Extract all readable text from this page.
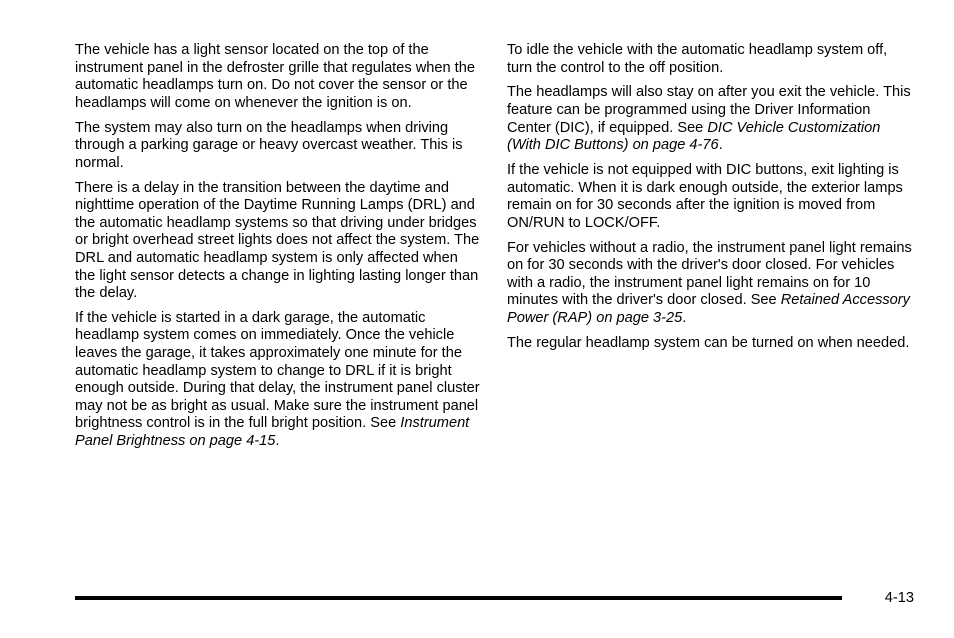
The vehicle has a light sensor located on the top of the instrument panel in the defroster grille that regulates when the automatic headlamps turn on. Do not cover the sensor or the headlamps will come on whenever the ignition is on.

The system may also turn on the headlamps when driving through a parking garage or heavy overcast weather. This is normal.

There is a delay in the transition between the daytime and nighttime operation of the Daytime Running Lamps (DRL) and the automatic headlamp systems so that driving under bridges or bright overhead street lights does not affect the system. The DRL and automatic headlamp system is only affected when the light sensor detects a change in lighting lasting longer than the delay.

If the vehicle is started in a dark garage, the automatic headlamp system comes on immediately. Once the vehicle leaves the garage, it takes approximately one minute for the automatic headlamp system to change to DRL if it is bright enough outside. During that delay, the instrument panel cluster may not be as bright as usual. Make sure the instrument panel brightness control is in the full bright position. See Instrument Panel Brightness on page 4-15.

To idle the vehicle with the automatic headlamp system off, turn the control to the off position.

The headlamps will also stay on after you exit the vehicle. This feature can be programmed using the Driver Information Center (DIC), if equipped. See DIC Vehicle Customization (With DIC Buttons) on page 4-76.

If the vehicle is not equipped with DIC buttons, exit lighting is automatic. When it is dark enough outside, the exterior lamps remain on for 30 seconds after the ignition is moved from ON/RUN to LOCK/OFF.

For vehicles without a radio, the instrument panel light remains on for 30 seconds with the driver's door closed. For vehicles with a radio, the instrument panel light remains on for 10 minutes with the driver's door closed. See Retained Accessory Power (RAP) on page 3-25.

The regular headlamp system can be turned on when needed.

4-13
